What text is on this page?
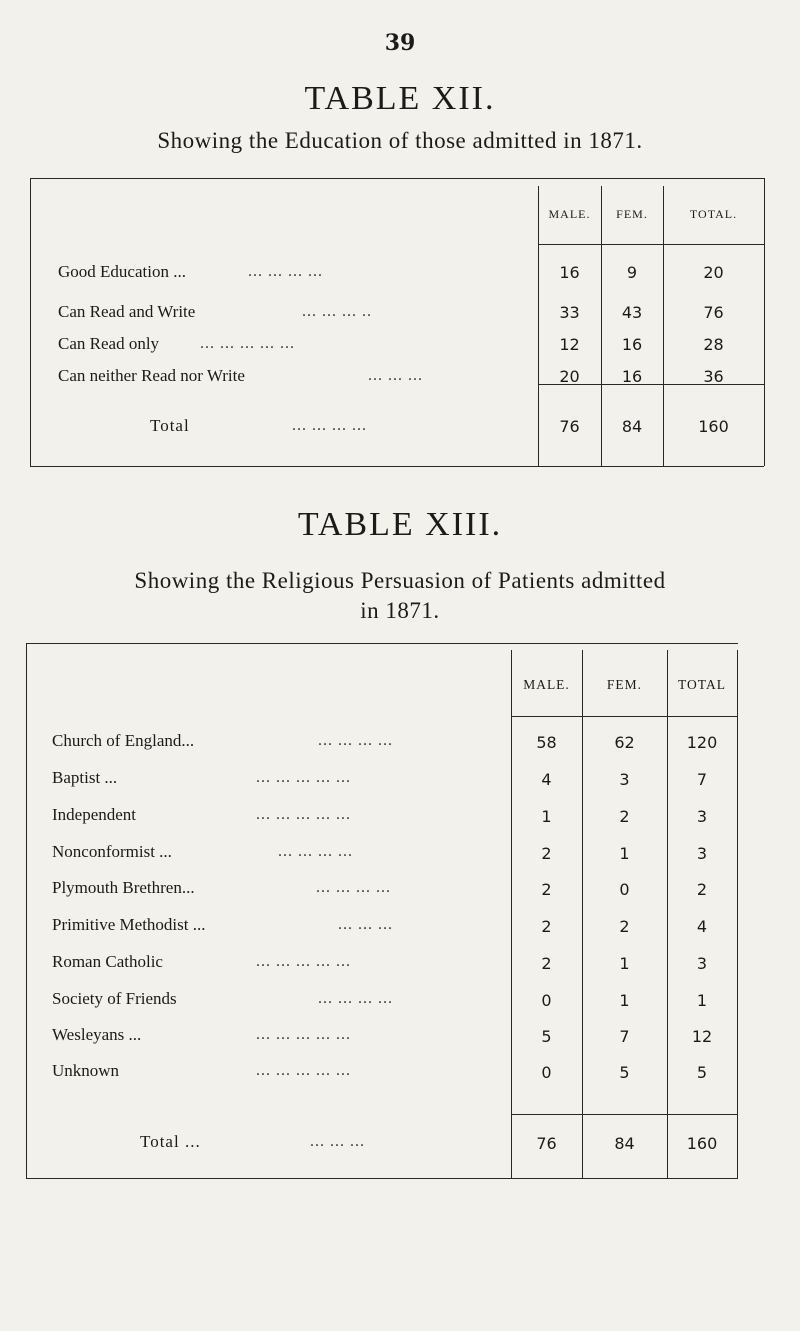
39
TABLE XII.
Showing the Education of those admitted in 1871.
MALE.	FEM.	TOTAL.
Good Education ...	... ... ... ...	16	9	20
Can Read and Write	... ... ... ..	33	43	76
Can Read only	... ... ... ... ...	12	16	28
Can neither Read nor Write	... ... ...	20	16	36
Total	... ... ... ...	76	84	160
TABLE XIII.
Showing the Religious Persuasion of Patients admitted
in 1871.
MALE.	FEM.	TOTAL
Church of England...	... ... ... ...	58	62	120
Baptist ...	... ... ... ... ...	4	3	7
Independent	... ... ... ... ...	1	2	3
Nonconformist ...	... ... ... ...	2	1	3
Plymouth Brethren...	... ... ... ...	2	0	2
Primitive Methodist ...	... ... ...	2	2	4
Roman Catholic	... ... ... ... ...	2	1	3
Society of Friends	... ... ... ...	0	1	1
Wesleyans ...	... ... ... ... ...	5	7	12
Unknown	... ... ... ... ...	0	5	5
Total ...	... ... ...	76	84	160
